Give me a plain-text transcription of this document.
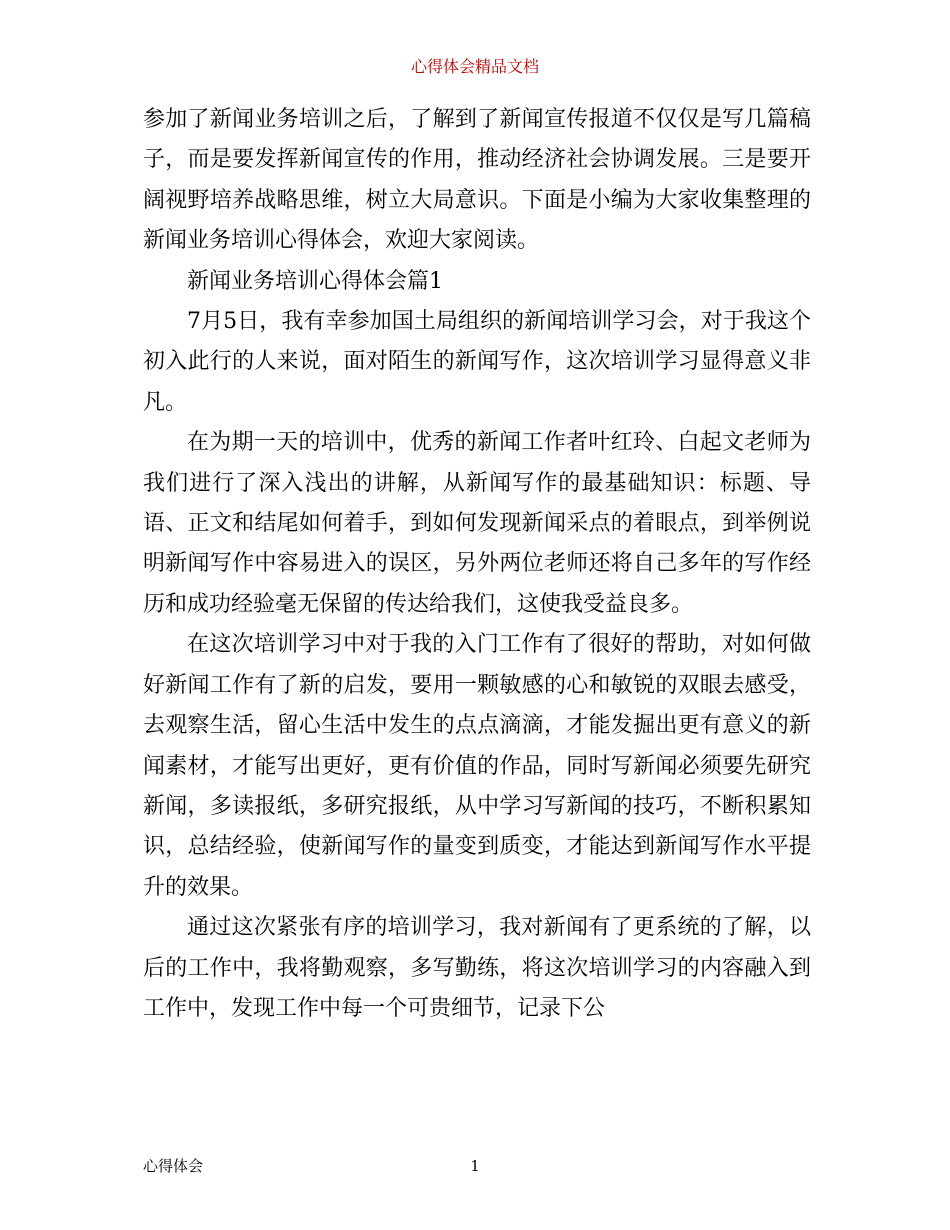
心得体会精品文档

参加了新闻业务培训之后，了解到了新闻宣传报道不仅仅是写几篇稿子，而是要发挥新闻宣传的作用，推动经济社会协调发展。三是要开阔视野培养战略思维，树立大局意识。下面是小编为大家收集整理的新闻业务培训心得体会，欢迎大家阅读。

新闻业务培训心得体会篇1

7月5日，我有幸参加国土局组织的新闻培训学习会，对于我这个初入此行的人来说，面对陌生的新闻写作，这次培训学习显得意义非凡。

在为期一天的培训中，优秀的新闻工作者叶红玲、白起文老师为我们进行了深入浅出的讲解，从新闻写作的最基础知识：标题、导语、正文和结尾如何着手，到如何发现新闻采点的着眼点，到举例说明新闻写作中容易进入的误区，另外两位老师还将自己多年的写作经历和成功经验毫无保留的传达给我们，这使我受益良多。

在这次培训学习中对于我的入门工作有了很好的帮助，对如何做好新闻工作有了新的启发，要用一颗敏感的心和敏锐的双眼去感受，去观察生活，留心生活中发生的点点滴滴，才能发掘出更有意义的新闻素材，才能写出更好，更有价值的作品，同时写新闻必须要先研究新闻，多读报纸，多研究报纸，从中学习写新闻的技巧，不断积累知识，总结经验，使新闻写作的量变到质变，才能达到新闻写作水平提升的效果。

通过这次紧张有序的培训学习，我对新闻有了更系统的了解，以后的工作中，我将勤观察，多写勤练，将这次培训学习的内容融入到工作中，发现工作中每一个可贵细节，记录下公

心得体会	1
